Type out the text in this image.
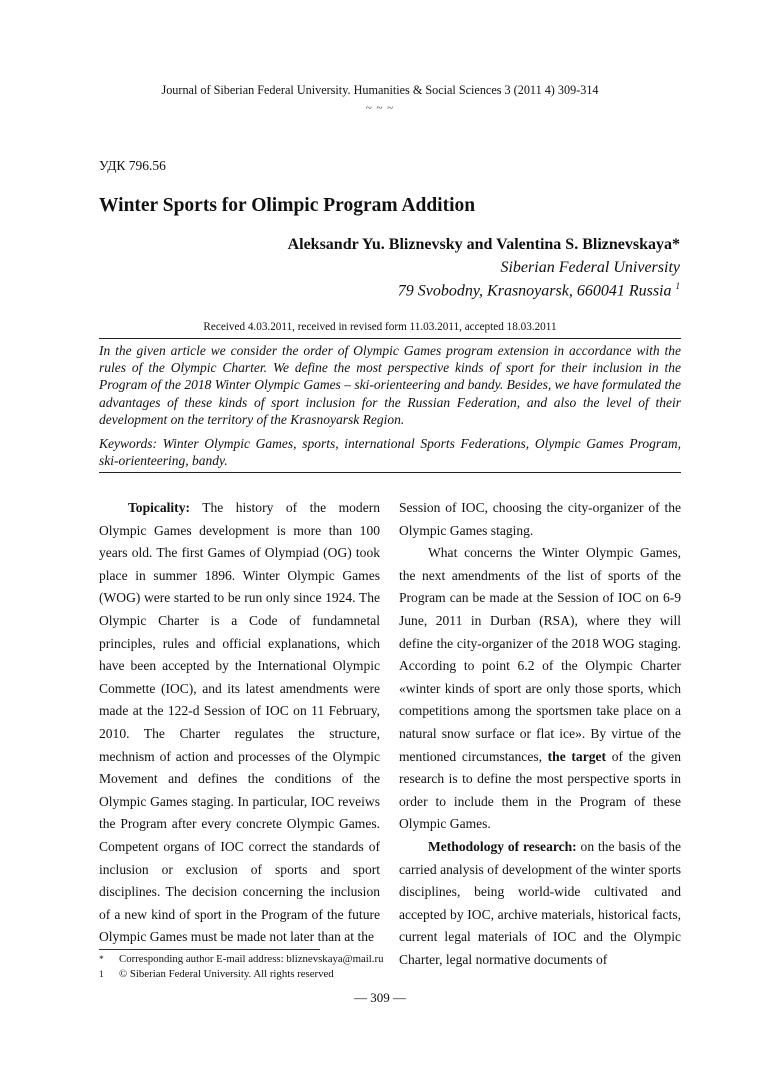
Journal of Siberian Federal University. Humanities & Social Sciences 3 (2011 4) 309-314
~ ~ ~
УДК 796.56
Winter Sports for Olimpic Program Addition
Aleksandr Yu. Bliznevsky and Valentina S. Bliznevskaya*
Siberian Federal University
79 Svobodny, Krasnoyarsk, 660041 Russia $^1$
Received 4.03.2011, received in revised form 11.03.2011, accepted 18.03.2011
In the given article we consider the order of Olympic Games program extension in accordance with the rules of the Olympic Charter. We define the most perspective kinds of sport for their inclusion in the Program of the 2018 Winter Olympic Games – ski-orienteering and bandy. Besides, we have formulated the advantages of these kinds of sport inclusion for the Russian Federation, and also the level of their development on the territory of the Krasnoyarsk Region.
Keywords: Winter Olympic Games, sports, international Sports Federations, Olympic Games Program, ski-orienteering, bandy.

Topicality: The history of the modern Olympic Games development is more than 100 years old. The first Games of Olympiad (OG) took place in summer 1896. Winter Olympic Games (WOG) were started to be run only since 1924. The Olympic Charter is a Code of fundamnetal principles, rules and official explanations, which have been accepted by the International Olympic Commette (IOC), and its latest amendments were made at the 122-d Session of IOC on 11 February, 2010. The Charter regulates the structure, mechnism of action and processes of the Olympic Movement and defines the conditions of the Olympic Games staging. In particular, IOC reveiws the Program after every concrete Olympic Games. Competent organs of IOC correct the standards of inclusion or exclusion of sports and sport disciplines. The decision concerning the inclusion of a new kind of sport in the Program of the future Olympic Games must be made not later than at the

Session of IOC, choosing the city-organizer of the Olympic Games staging.

What concerns the Winter Olympic Games, the next amendments of the list of sports of the Program can be made at the Session of IOC on 6-9 June, 2011 in Durban (RSA), where they will define the city-organizer of the 2018 WOG staging. According to point 6.2 of the Olympic Charter «winter kinds of sport are only those sports, which competitions among the sportsmen take place on a natural snow surface or flat ice». By virtue of the mentioned circumstances, the target of the given research is to define the most perspective sports in order to include them in the Program of these Olympic Games.

Methodology of research: on the basis of the carried analysis of development of the winter sports disciplines, being world-wide cultivated and accepted by IOC, archive materials, historical facts, current legal materials of IOC and the Olympic Charter, legal normative documents of

* Corresponding author E-mail address: bliznevskaya@mail.ru
1 © Siberian Federal University. All rights reserved
— 309 —
